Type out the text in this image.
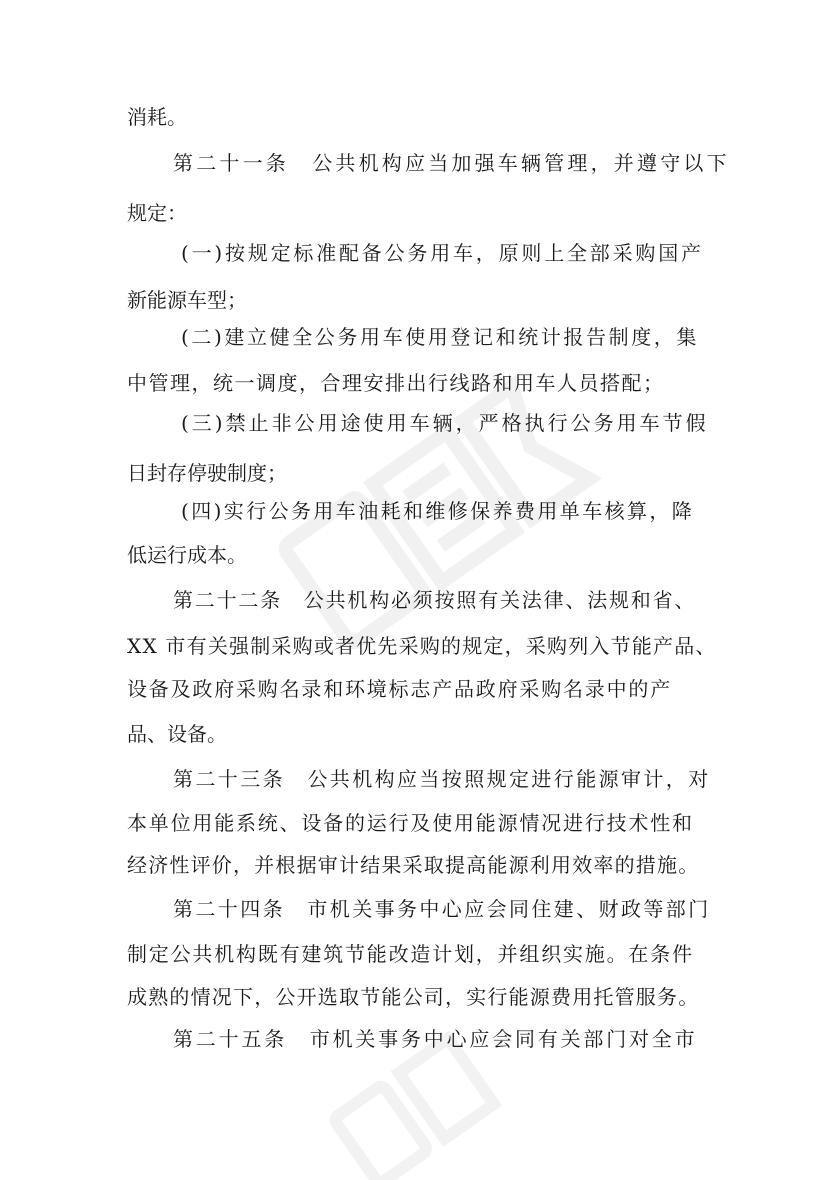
消耗。
第二十一条　公共机构应当加强车辆管理，并遵守以下
规定：
(一)按规定标准配备公务用车，原则上全部采购国产
新能源车型；
(二)建立健全公务用车使用登记和统计报告制度，集
中管理，统一调度，合理安排出行线路和用车人员搭配；
(三)禁止非公用途使用车辆，严格执行公务用车节假
日封存停驶制度；
(四)实行公务用车油耗和维修保养费用单车核算，降
低运行成本。
第二十二条　公共机构必须按照有关法律、法规和省、
XX 市有关强制采购或者优先采购的规定，采购列入节能产品、
设备及政府采购名录和环境标志产品政府采购名录中的产
品、设备。
第二十三条　公共机构应当按照规定进行能源审计，对
本单位用能系统、设备的运行及使用能源情况进行技术性和
经济性评价，并根据审计结果采取提高能源利用效率的措施。
第二十四条　市机关事务中心应会同住建、财政等部门
制定公共机构既有建筑节能改造计划，并组织实施。在条件
成熟的情况下，公开选取节能公司，实行能源费用托管服务。
第二十五条　市机关事务中心应会同有关部门对全市
